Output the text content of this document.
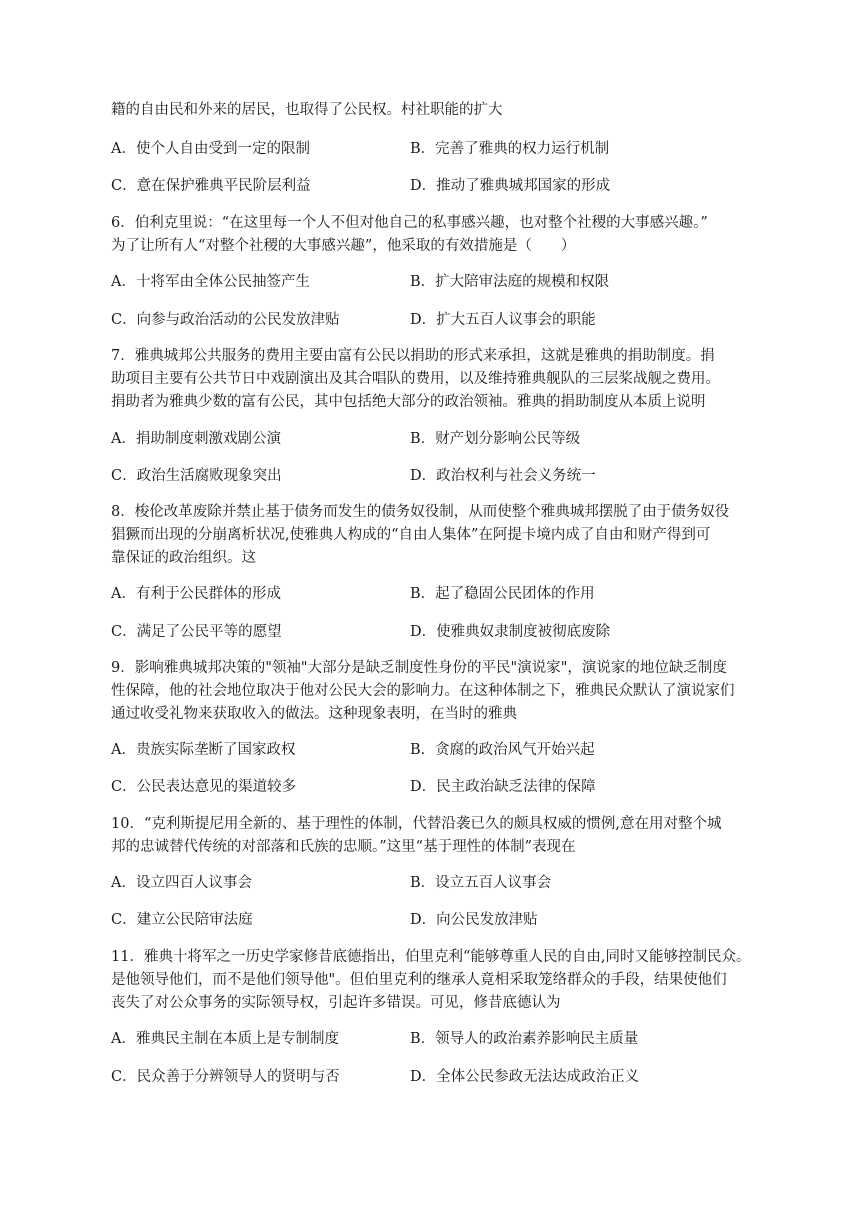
籍的自由民和外来的居民，也取得了公民权。村社职能的扩大
A．使个人自由受到一定的限制	B．完善了雅典的权力运行机制
C．意在保护雅典平民阶层利益	D．推动了雅典城邦国家的形成
6．伯利克里说：“在这里每一个人不但对他自己的私事感兴趣，也对整个社稷的大事感兴趣。”
为了让所有人“对整个社稷的大事感兴趣”，他采取的有效措施是（　　）
A．十将军由全体公民抽签产生	B．扩大陪审法庭的规模和权限
C．向参与政治活动的公民发放津贴	D．扩大五百人议事会的职能
7．雅典城邦公共服务的费用主要由富有公民以捐助的形式来承担，这就是雅典的捐助制度。捐
助项目主要有公共节日中戏剧演出及其合唱队的费用，以及维持雅典舰队的三层桨战舰之费用。
捐助者为雅典少数的富有公民，其中包括绝大部分的政治领袖。雅典的捐助制度从本质上说明
A．捐助制度刺激戏剧公演	B．财产划分影响公民等级
C．政治生活腐败现象突出	D．政治权利与社会义务统一
8．梭伦改革废除并禁止基于债务而发生的债务奴役制，从而使整个雅典城邦摆脱了由于债务奴役
猖獗而出现的分崩离析状况,使雅典人构成的“自由人集体”在阿提卡境内成了自由和财产得到可
靠保证的政治组织。这
A．有利于公民群体的形成	B．起了稳固公民团体的作用
C．满足了公民平等的愿望	D．使雅典奴隶制度被彻底废除
9．影响雅典城邦决策的"领袖"大部分是缺乏制度性身份的平民"演说家"，演说家的地位缺乏制度
性保障，他的社会地位取决于他对公民大会的影响力。在这种体制之下，雅典民众默认了演说家们
通过收受礼物来获取收入的做法。这种现象表明，在当时的雅典
A．贵族实际垄断了国家政权	B．贪腐的政治风气开始兴起
C．公民表达意见的渠道较多	D．民主政治缺乏法律的保障
10．“克利斯提尼用全新的、基于理性的体制，代替沿袭已久的颇具权威的惯例,意在用对整个城
邦的忠诚替代传统的对部落和氏族的忠顺。”这里“基于理性的体制”表现在
A．设立四百人议事会	B．设立五百人议事会
C．建立公民陪审法庭	D．向公民发放津贴
11．雅典十将军之一历史学家修昔底德指出，伯里克利“能够尊重人民的自由,同时又能够控制民众。
是他领导他们，而不是他们领导他"。但伯里克利的继承人竟相采取笼络群众的手段，结果使他们
丧失了对公众事务的实际领导权，引起许多错误。可见，修昔底德认为
A．雅典民主制在本质上是专制制度	B．领导人的政治素养影响民主质量
C．民众善于分辨领导人的贤明与否	D．全体公民参政无法达成政治正义
